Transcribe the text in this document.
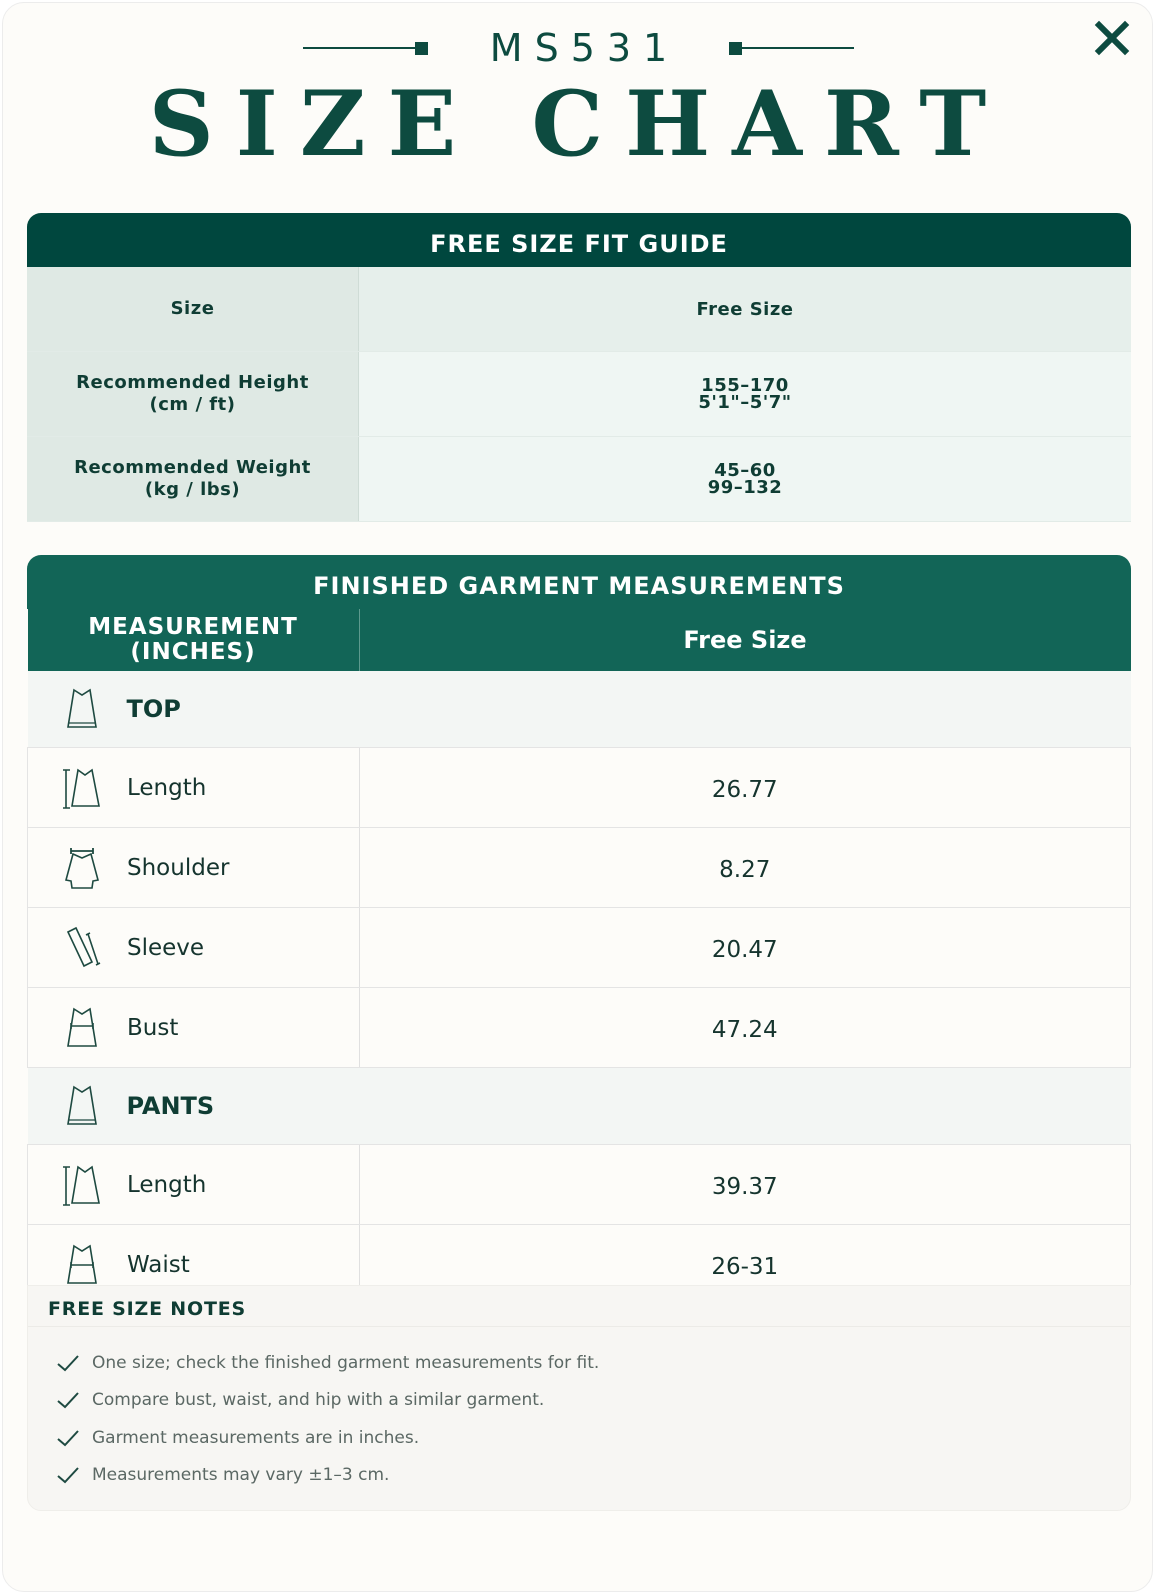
MS531
SIZE CHART
FREE SIZE FIT GUIDE
Size	Free Size
Recommended Height
(cm / ft)	155–170
5'1"–5'7"
Recommended Weight
(kg / lbs)	45–60
99–132
FINISHED GARMENT MEASUREMENTS
MEASUREMENT
(INCHES)	Free Size

TOP	

Length	26.77

Shoulder	8.27

Sleeve	20.47

Bust	47.24

PANTS	

Length	39.37

Waist	26-31
FREE SIZE NOTES
One size; check the finished garment measurements for fit.
Compare bust, waist, and hip with a similar garment.
Garment measurements are in inches.
Measurements may vary ±1–3 cm.
